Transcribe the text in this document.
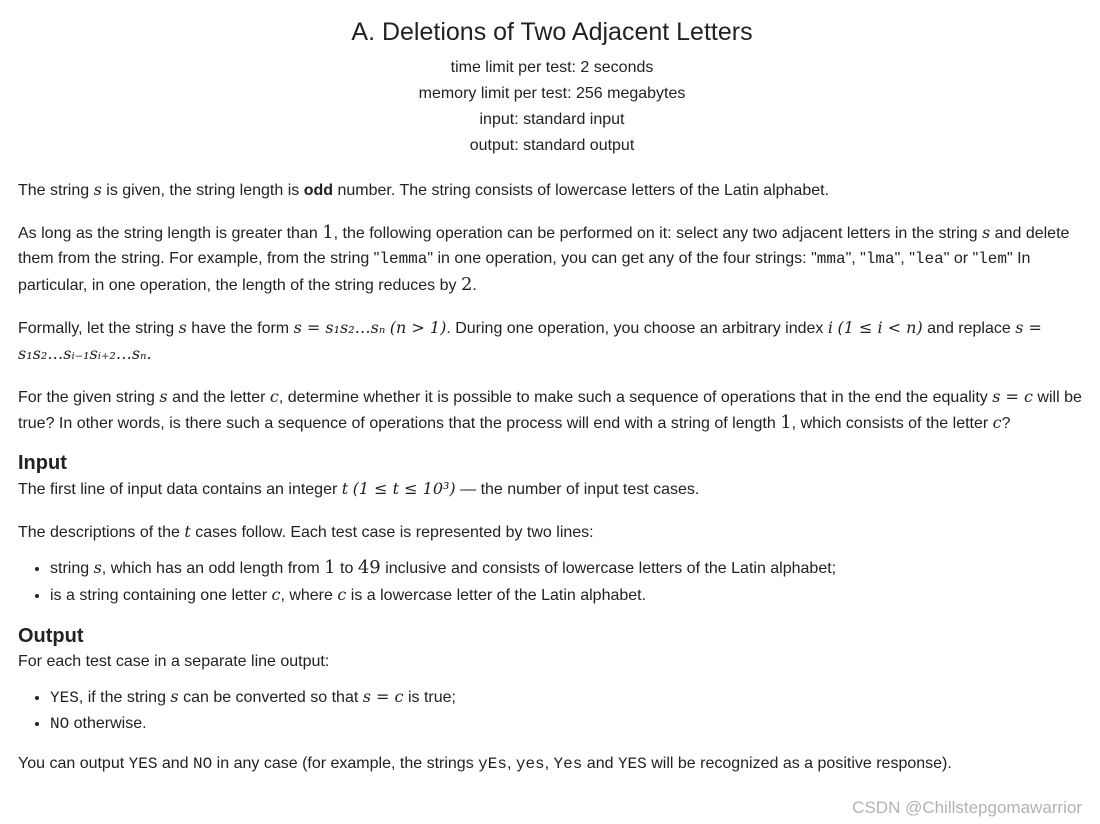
A. Deletions of Two Adjacent Letters
time limit per test: 2 seconds
memory limit per test: 256 megabytes
input: standard input
output: standard output

The string s is given, the string length is odd number. The string consists of lowercase letters of the Latin alphabet.

As long as the string length is greater than 1, the following operation can be performed on it: select any two adjacent letters in the string s and delete them from the string. For example, from the string "lemma" in one operation, you can get any of the four strings: "mma", "lma", "lea" or "lem" In particular, in one operation, the length of the string reduces by 2.

Formally, let the string s have the form s = s₁s₂…sₙ (n > 1). During one operation, you choose an arbitrary index i (1 ≤ i < n) and replace s = s₁s₂…sᵢ₋₁sᵢ₊₂…sₙ.

For the given string s and the letter c, determine whether it is possible to make such a sequence of operations that in the end the equality s = c will be true? In other words, is there such a sequence of operations that the process will end with a string of length 1, which consists of the letter c?

Input

The first line of input data contains an integer t (1 ≤ t ≤ 10³) — the number of input test cases.

The descriptions of the t cases follow. Each test case is represented by two lines:

• string s, which has an odd length from 1 to 49 inclusive and consists of lowercase letters of the Latin alphabet;
• is a string containing one letter c, where c is a lowercase letter of the Latin alphabet.
Output

For each test case in a separate line output:

• YES, if the string s can be converted so that s = c is true;
• NO otherwise.

You can output YES and NO in any case (for example, the strings yEs, yes, Yes and YES will be recognized as a positive response).

CSDN @Chillstepgomawarrior
